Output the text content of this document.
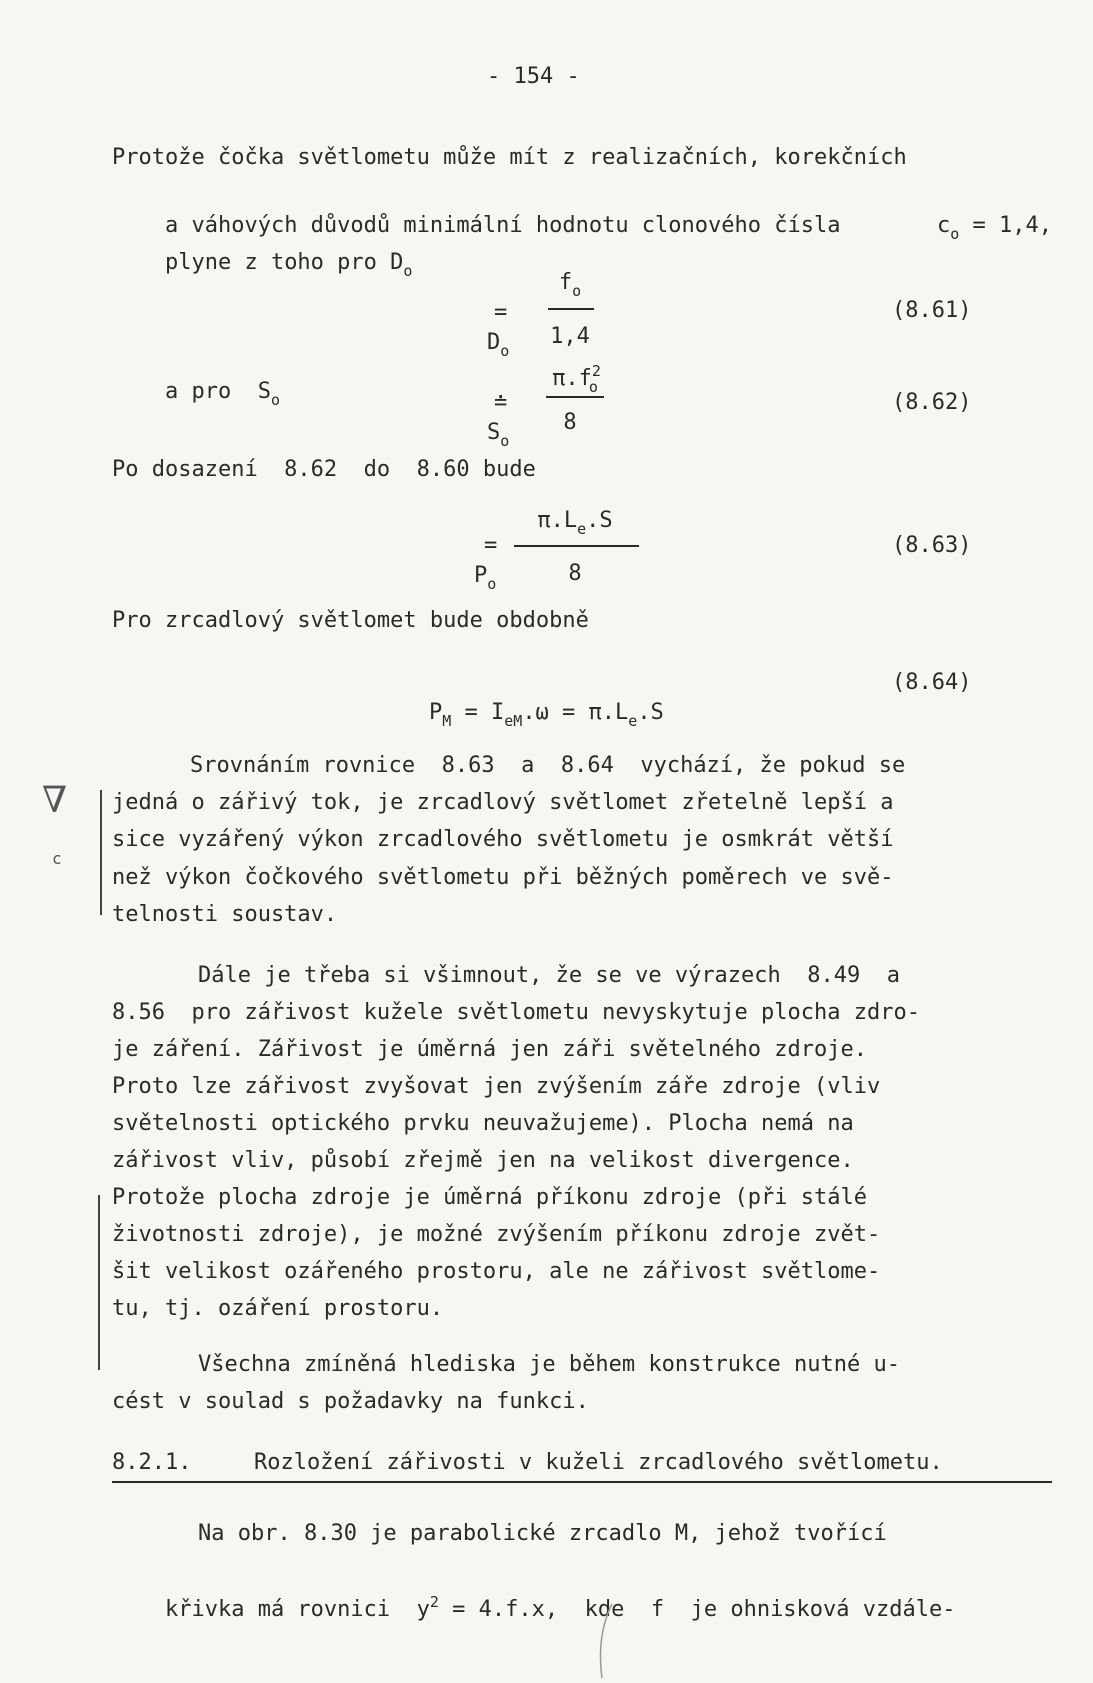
- 154 -
Protože čočka světlometu může mít z realizačních, korekčních

a váhových důvodů minimální hodnotu clonového čísla
	$c_o = 1,4$,

plyne z toho pro $D_o$

$D_o$

=
$f_o$
1,4
(8.61)

a pro $S_o$

$S_o$

≐
$\pi.f^2_o$
8
(8.62)
Po dosazení  8.62  do  8.60 bude

$P_o$

=
$\pi.L_e.S$
8
(8.63)
Pro zrcadlový světlomet bude obdobně

$P_M = I_{eM}.\omega = \pi.L_e.S$

(8.64)
Srovnáním rovnice  8.63  a  8.64  vychází, že pokud se
jedná o zářivý tok, je zrcadlový světlomet zřetelně lepší a
sice vyzářený výkon zrcadlového světlometu je osmkrát větší
než výkon čočkového světlometu při běžných poměrech ve svě-
telnosti soustav.
∇
c
Dále je třeba si všimnout, že se ve výrazech  8.49  a
8.56  pro zářivost kužele světlometu nevyskytuje plocha zdro-
je záření. Zářivost je úměrná jen záři světelného zdroje.
Proto lze zářivost zvyšovat jen zvýšením záře zdroje (vliv
světelnosti optického prvku neuvažujeme). Plocha nemá na
zářivost vliv, působí zřejmě jen na velikost divergence.
Protože plocha zdroje je úměrná příkonu zdroje (při stálé
životnosti zdroje), je možné zvýšením příkonu zdroje zvět-
šit velikost ozářeného prostoru, ale ne zářivost světlome-
tu, tj. ozáření prostoru.
Všechna zmíněná hlediska je během konstrukce nutné u-
cést v soulad s požadavky na funkci.
8.2.1.	Rozložení zářivosti v kuželi zrcadlového světlometu.
Na obr. 8.30 je parabolické zrcadlo M, jehož tvořící

křivka má rovnici $y^2 = 4.f.x$,  kde  f  je ohnisková vzdále-
